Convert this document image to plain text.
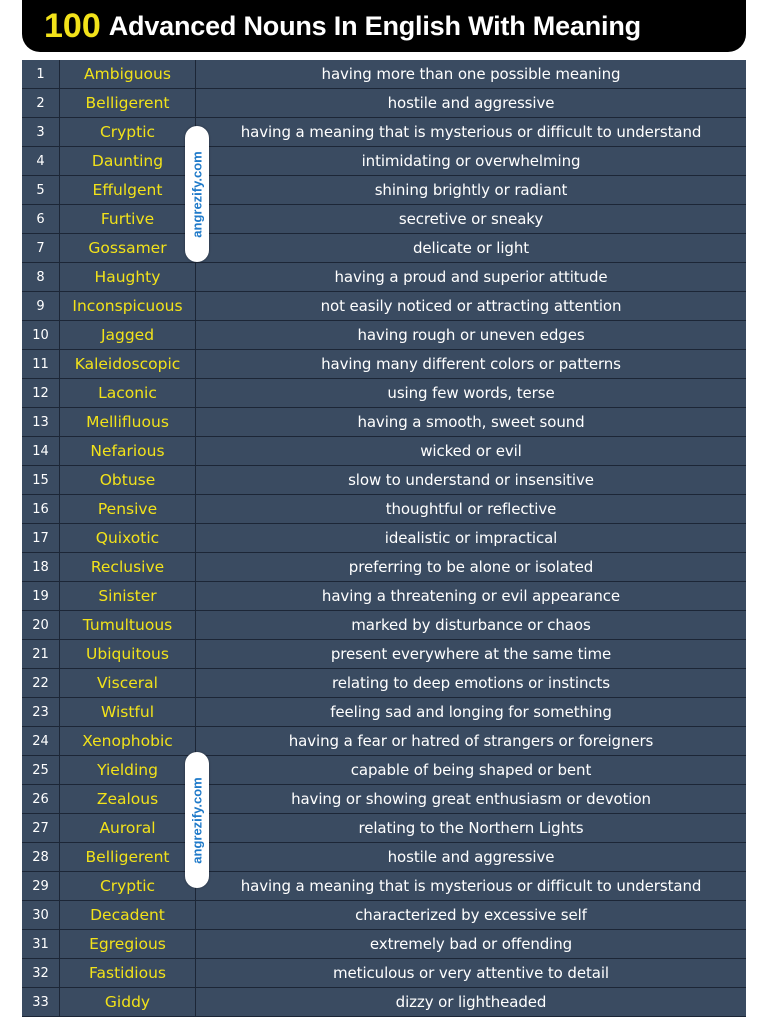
100 Advanced Nouns In English With Meaning
1	Ambiguous	having more than one possible meaning
2	Belligerent	hostile and aggressive
3	Cryptic	having a meaning that is mysterious or difficult to understand
4	Daunting	intimidating or overwhelming
5	Effulgent	shining brightly or radiant
6	Furtive	secretive or sneaky
7	Gossamer	delicate or light
8	Haughty	having a proud and superior attitude
9	Inconspicuous	not easily noticed or attracting attention
10	Jagged	having rough or uneven edges
11	Kaleidoscopic	having many different colors or patterns
12	Laconic	using few words, terse
13	Mellifluous	having a smooth, sweet sound
14	Nefarious	wicked or evil
15	Obtuse	slow to understand or insensitive
16	Pensive	thoughtful or reflective
17	Quixotic	idealistic or impractical
18	Reclusive	preferring to be alone or isolated
19	Sinister	having a threatening or evil appearance
20	Tumultuous	marked by disturbance or chaos
21	Ubiquitous	present everywhere at the same time
22	Visceral	relating to deep emotions or instincts
23	Wistful	feeling sad and longing for something
24	Xenophobic	having a fear or hatred of strangers or foreigners
25	Yielding	capable of being shaped or bent
26	Zealous	having or showing great enthusiasm or devotion
27	Auroral	relating to the Northern Lights
28	Belligerent	hostile and aggressive
29	Cryptic	having a meaning that is mysterious or difficult to understand
30	Decadent	characterized by excessive self
31	Egregious	extremely bad or offending
32	Fastidious	meticulous or very attentive to detail
33	Giddy	dizzy or lightheaded
angrezify.com
angrezify.com
